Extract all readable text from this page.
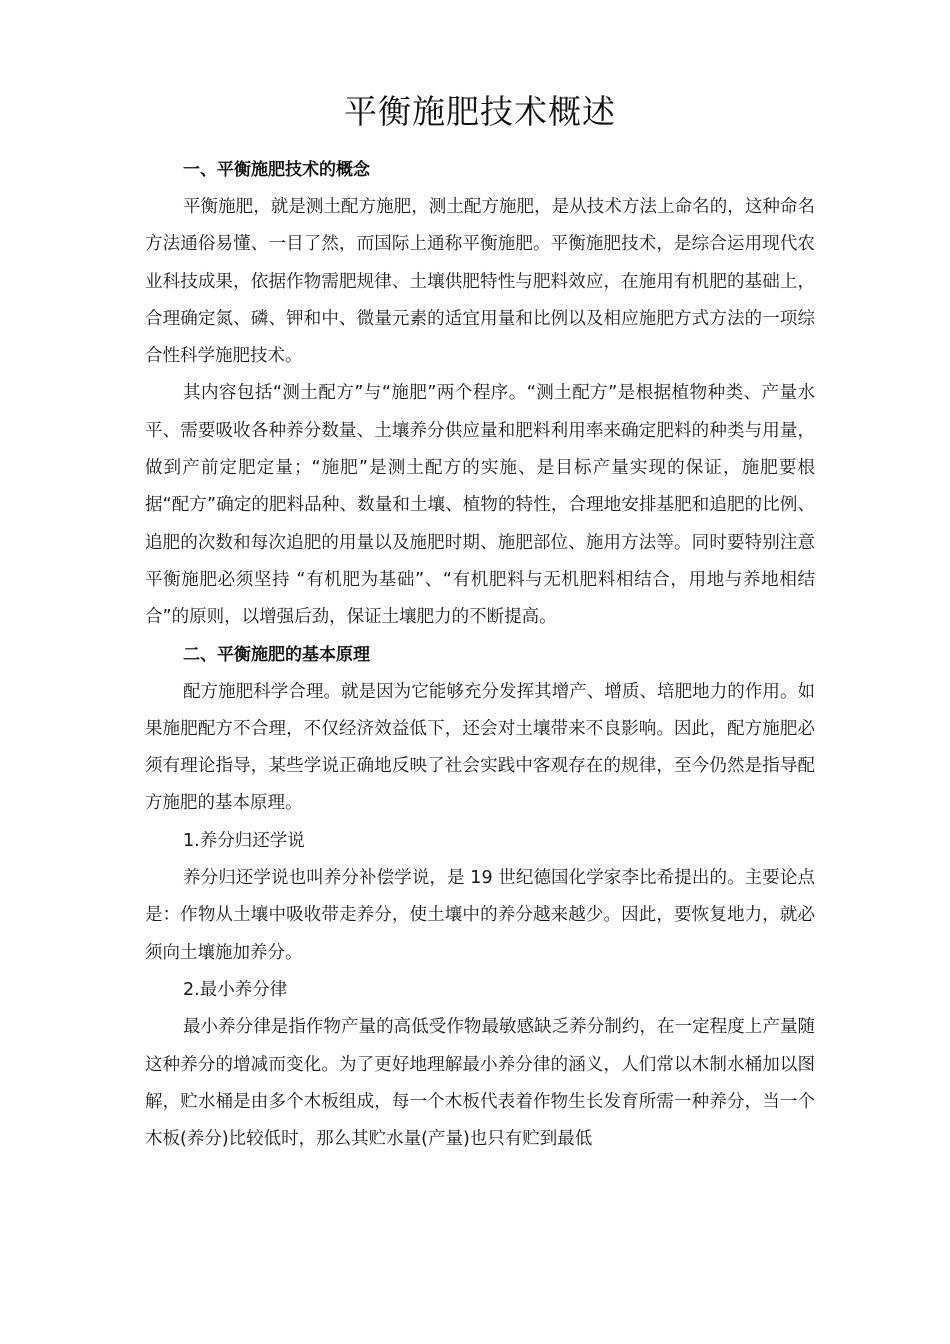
平衡施肥技术概述

一、平衡施肥技术的概念

平衡施肥，就是测土配方施肥，测土配方施肥，是从技术方法上命名的，这种命名方法通俗易懂、一目了然，而国际上通称平衡施肥。平衡施肥技术，是综合运用现代农业科技成果，依据作物需肥规律、土壤供肥特性与肥料效应，在施用有机肥的基础上，合理确定氮、磷、钾和中、微量元素的适宜用量和比例以及相应施肥方式方法的一项综合性科学施肥技术。

其内容包括“测土配方”与“施肥”两个程序。“测土配方”是根据植物种类、产量水平、需要吸收各种养分数量、土壤养分供应量和肥料利用率来确定肥料的种类与用量，做到产前定肥定量；“施肥”是测土配方的实施、是目标产量实现的保证，施肥要根据“配方”确定的肥料品种、数量和土壤、植物的特性，合理地安排基肥和追肥的比例、追肥的次数和每次追肥的用量以及施肥时期、施肥部位、施用方法等。同时要特别注意平衡施肥必须坚持 “有机肥为基础”、“有机肥料与无机肥料相结合，用地与养地相结合”的原则，以增强后劲，保证土壤肥力的不断提高。

二、平衡施肥的基本原理

配方施肥科学合理。就是因为它能够充分发挥其增产、增质、培肥地力的作用。如果施肥配方不合理，不仅经济效益低下，还会对土壤带来不良影响。因此，配方施肥必须有理论指导，某些学说正确地反映了社会实践中客观存在的规律，至今仍然是指导配方施肥的基本原理。

1.养分归还学说

养分归还学说也叫养分补偿学说，是 19 世纪德国化学家李比希提出的。主要论点是：作物从土壤中吸收带走养分，使土壤中的养分越来越少。因此，要恢复地力，就必须向土壤施加养分。

2.最小养分律

最小养分律是指作物产量的高低受作物最敏感缺乏养分制约，在一定程度上产量随这种养分的增减而变化。为了更好地理解最小养分律的涵义，人们常以木制水桶加以图解，贮水桶是由多个木板组成，每一个木板代表着作物生长发育所需一种养分，当一个木板(养分)比较低时，那么其贮水量(产量)也只有贮到最低
